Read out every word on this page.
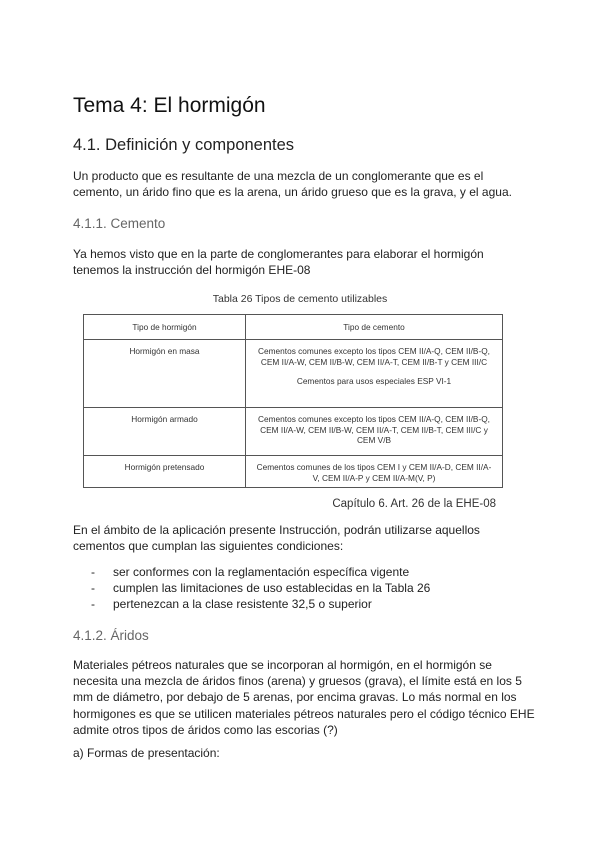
Tema 4: El hormigón
4.1. Definición y componentes

Un producto que es resultante de una mezcla de un conglomerante que es el cemento, un árido fino que es la arena, un árido grueso que es la grava, y el agua.

4.1.1. Cemento

Ya hemos visto que en la parte de conglomerantes para elaborar el hormigón tenemos la instrucción del hormigón EHE-08

Tabla 26 Tipos de cemento utilizables
Tipo de hormigón	Tipo de cemento
Hormigón en masa	Cementos comunes excepto los tipos CEM II/A-Q, CEM II/B-Q, CEM II/A-W, CEM II/B-W, CEM II/A-T, CEM II/B-T y CEM III/C
Cementos para usos especiales ESP VI-1

Hormigón armado	Cementos comunes excepto los tipos CEM II/A-Q, CEM II/B-Q, CEM II/A-W, CEM II/B-W, CEM II/A-T, CEM II/B-T, CEM III/C y CEM V/B

Hormigón pretensado	Cementos comunes de los tipos CEM I y CEM II/A-D, CEM II/A-V, CEM II/A-P y CEM II/A-M(V, P)
Capítulo 6. Art. 26 de la EHE-08

En el ámbito de la aplicación presente Instrucción, podrán utilizarse aquellos cementos que cumplan las siguientes condiciones:

-	ser conformes con la reglamentación específica vigente
-	cumplen las limitaciones de uso establecidas en la Tabla 26
-	pertenezcan a la clase resistente 32,5 o superior
4.1.2. Áridos

Materiales pétreos naturales que se incorporan al hormigón, en el hormigón se necesita una mezcla de áridos finos (arena) y gruesos (grava), el límite está en los 5 mm de diámetro, por debajo de 5 arenas, por encima gravas. Lo más normal en los hormigones es que se utilicen materiales pétreos naturales pero el código técnico EHE admite otros tipos de áridos como las escorias (?)

a) Formas de presentación:
